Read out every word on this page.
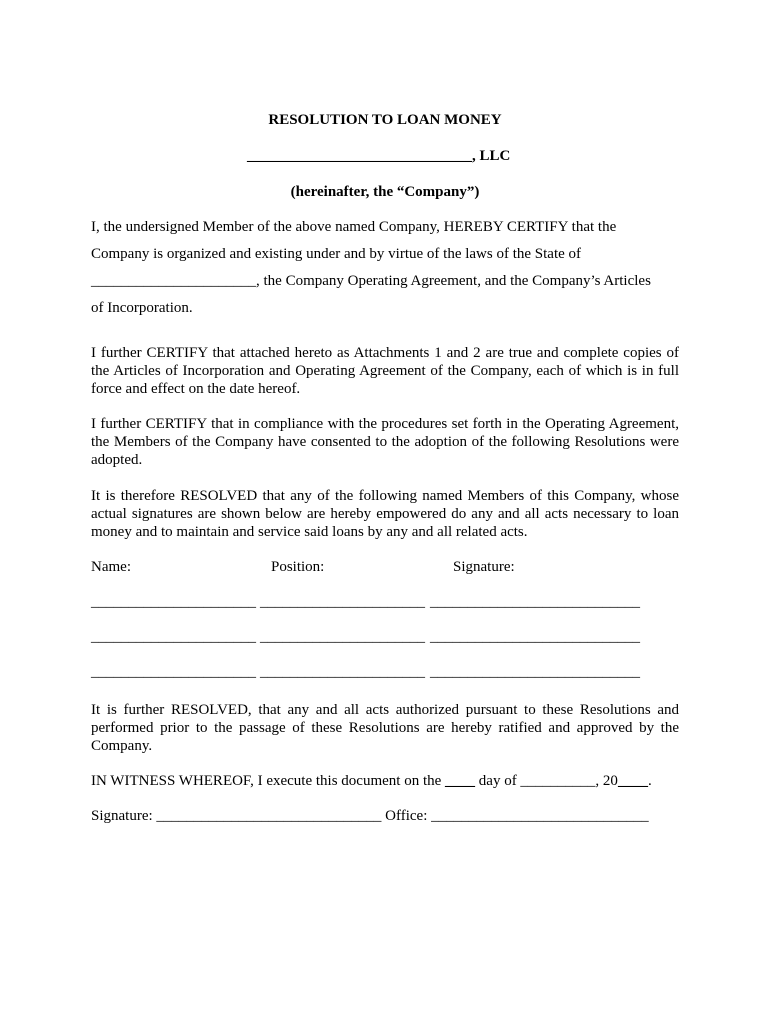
RESOLUTION TO LOAN MONEY
______________________________, LLC
(hereinafter, the “Company”)
I, the undersigned Member of the above named Company, HEREBY CERTIFY that the
Company is organized and existing under and by virtue of the laws of the State of
______________________, the Company Operating Agreement, and the Company’s Articles
of Incorporation.
I further CERTIFY that attached hereto as Attachments 1 and 2 are true and complete copies of the Articles of Incorporation and Operating Agreement of the Company, each of which is in full force and effect on the date hereof.
I further CERTIFY that in compliance with the procedures set forth in the Operating Agreement, the Members of the Company have consented to the adoption of the following Resolutions were adopted.
It is therefore RESOLVED that any of the following named Members of this Company, whose actual signatures are shown below are hereby empowered do any and all acts necessary to loan money and to maintain and service said loans by any and all related acts.
Name:	Position:	Signature:
______________________ ______________________ ____________________________
______________________ ______________________ ____________________________
______________________ ______________________ ____________________________
It is further RESOLVED, that any and all acts authorized pursuant to these Resolutions and performed prior to the passage of these Resolutions are hereby ratified and approved by the Company.
IN WITNESS WHEREOF, I execute this document on the ____ day of __________, 20____.
Signature: ______________________________ Office: _____________________________
